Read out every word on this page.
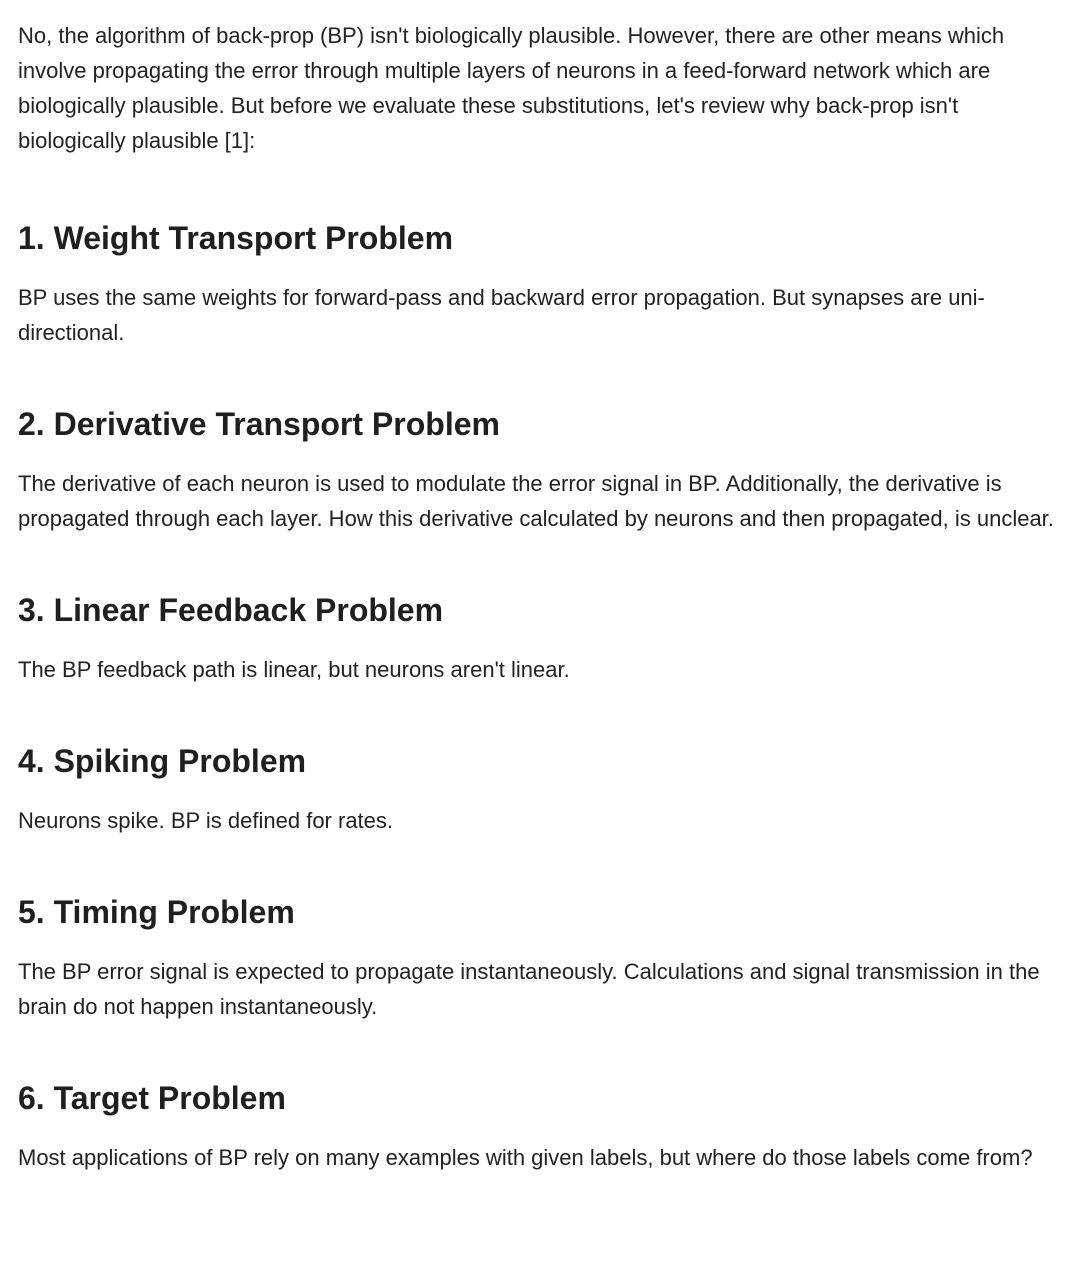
No, the algorithm of back-prop (BP) isn't biologically plausible. However, there are other means which involve propagating the error through multiple layers of neurons in a feed-forward network which are biologically plausible. But before we evaluate these substitutions, let's review why back-prop isn't biologically plausible [1]:

1. Weight Transport Problem

BP uses the same weights for forward-pass and backward error propagation. But synapses are uni-directional.

2. Derivative Transport Problem

The derivative of each neuron is used to modulate the error signal in BP. Additionally, the derivative is propagated through each layer. How this derivative calculated by neurons and then propagated, is unclear.

3. Linear Feedback Problem

The BP feedback path is linear, but neurons aren't linear.

4. Spiking Problem

Neurons spike. BP is defined for rates.

5. Timing Problem

The BP error signal is expected to propagate instantaneously. Calculations and signal transmission in the brain do not happen instantaneously.

6. Target Problem

Most applications of BP rely on many examples with given labels, but where do those labels come from?
